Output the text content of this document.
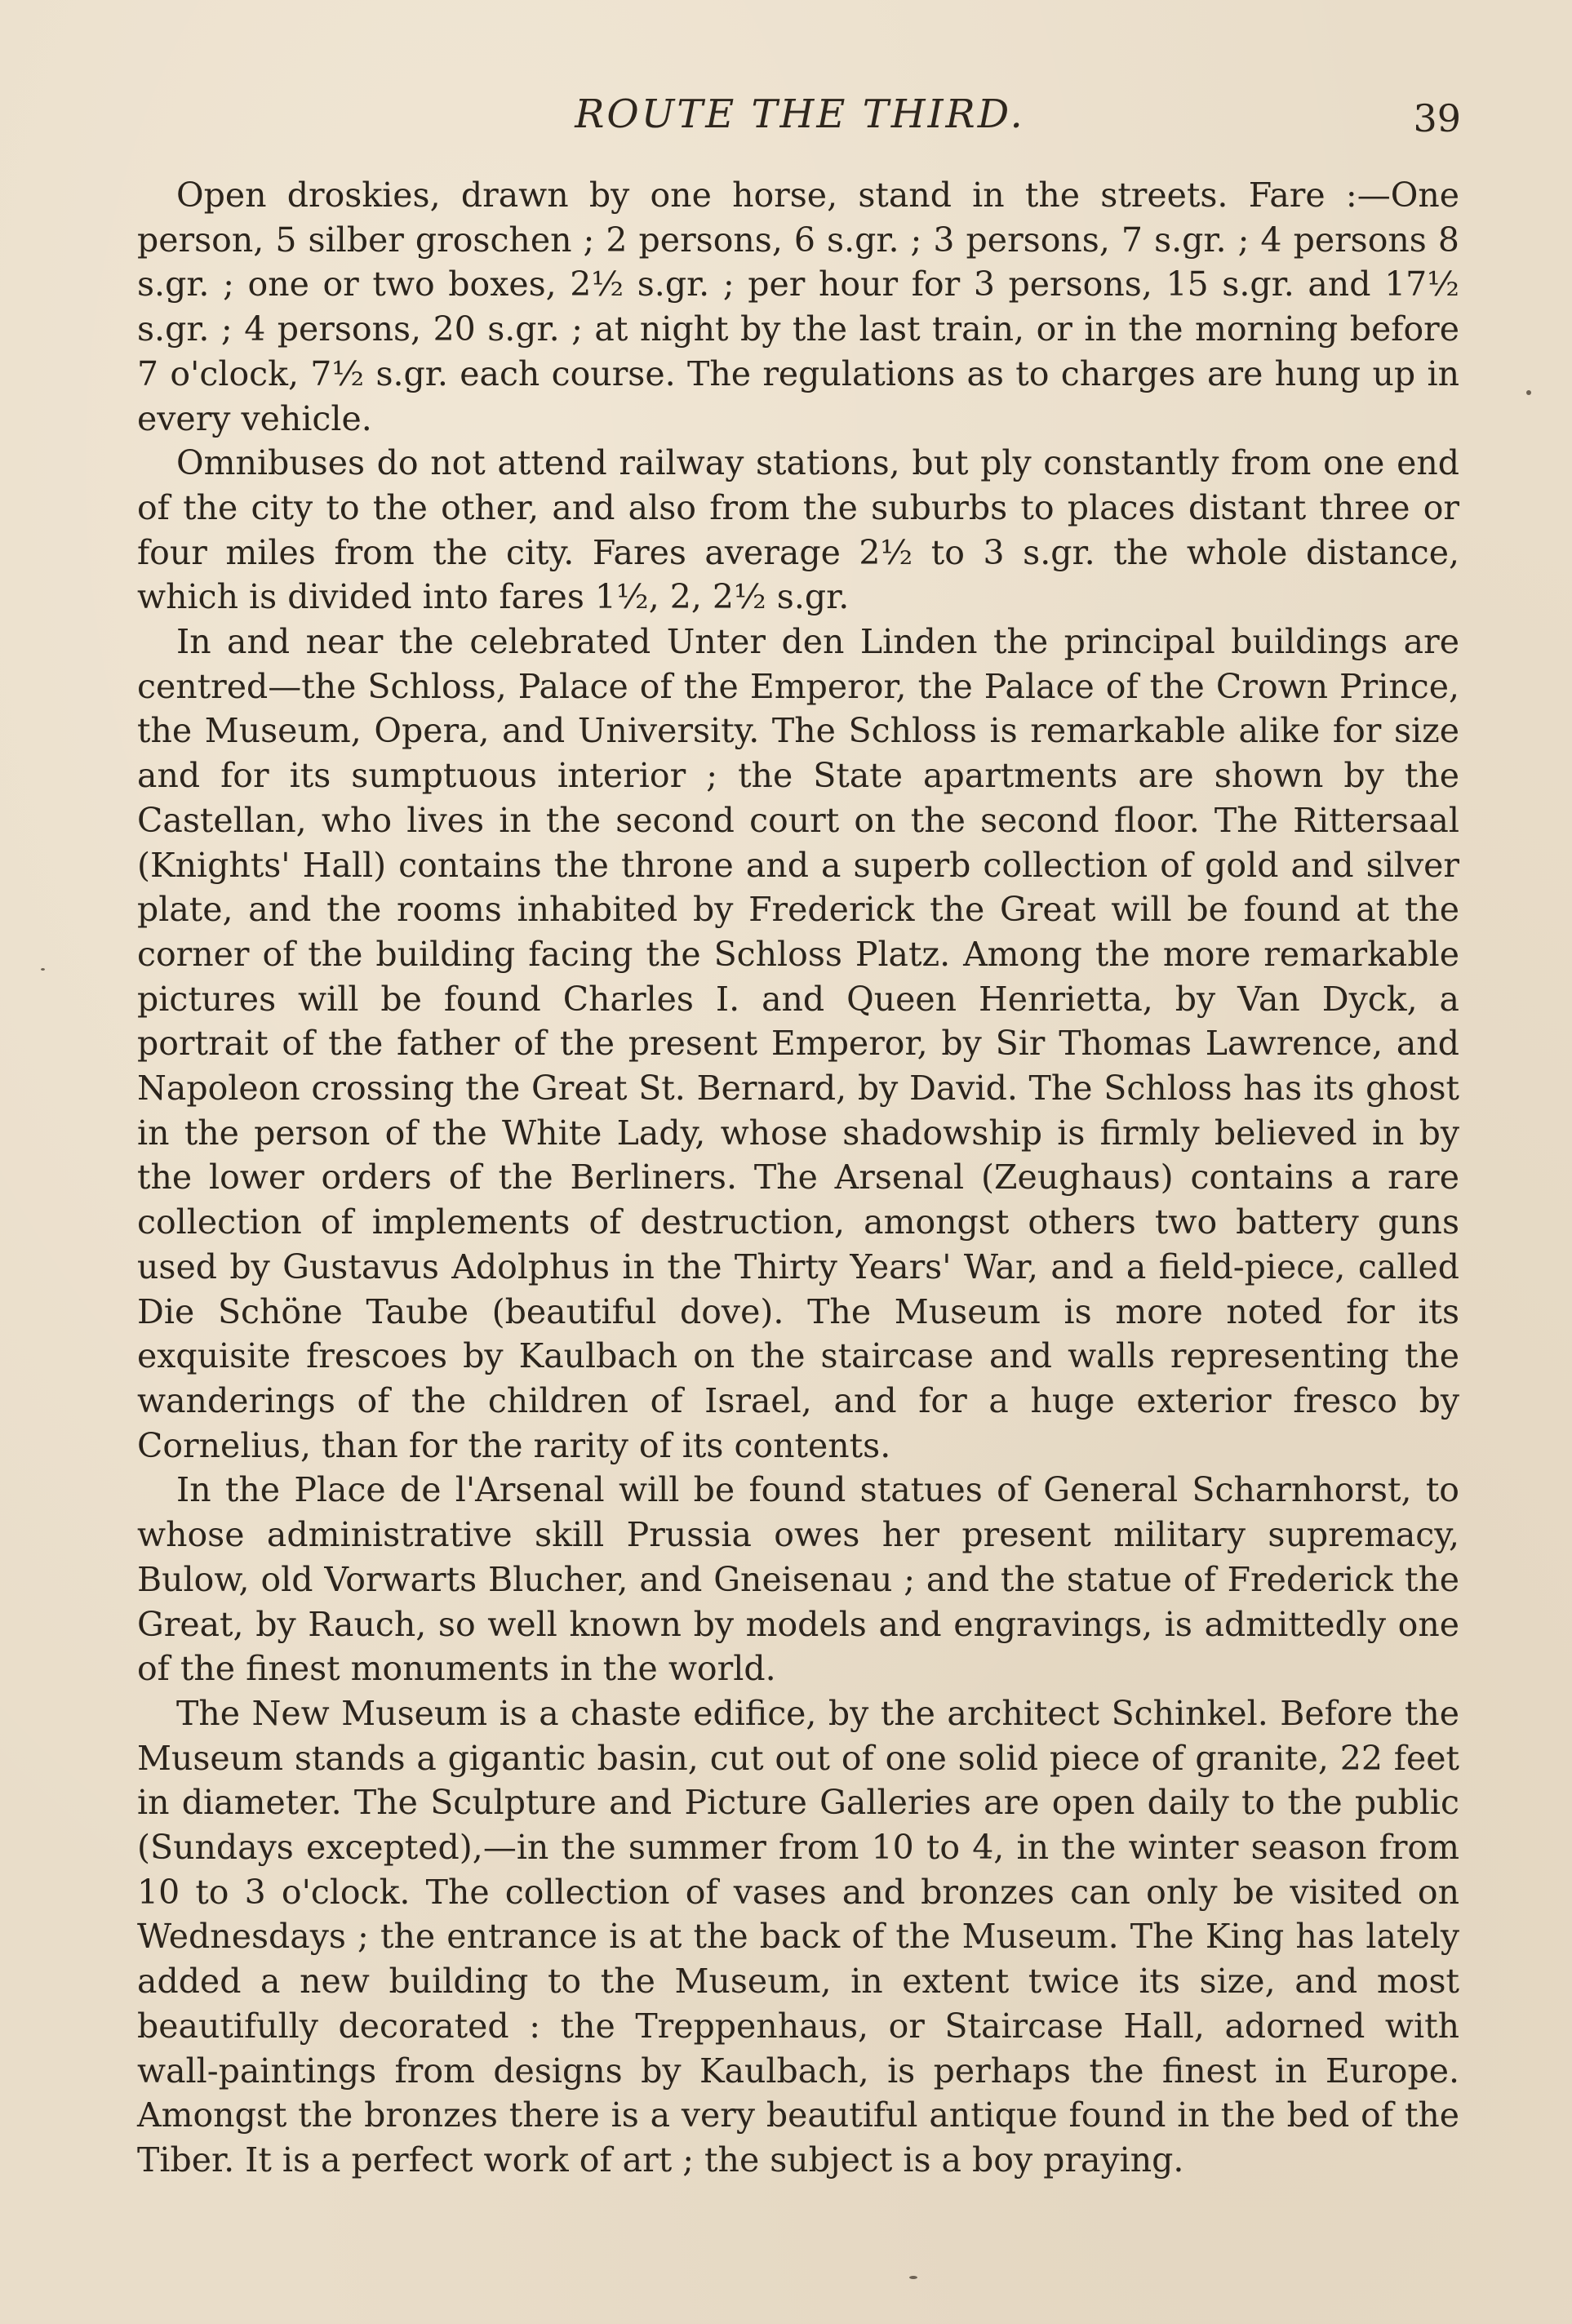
ROUTE THE THIRD.	39

Open droskies, drawn by one horse, stand in the streets. Fare :—One person, 5 silber groschen ; 2 persons, 6 s.gr. ; 3 persons, 7 s.gr. ; 4 persons 8 s.gr. ; one or two boxes, 2½ s.gr. ; per hour for 3 persons, 15 s.gr. and 17½ s.gr. ; 4 persons, 20 s.gr. ; at night by the last train, or in the morning before 7 o'clock, 7½ s.gr. each course. The regulations as to charges are hung up in every vehicle.

Omnibuses do not attend railway stations, but ply constantly from one end of the city to the other, and also from the suburbs to places distant three or four miles from the city. Fares average 2½ to 3 s.gr. the whole distance, which is divided into fares 1½, 2, 2½ s.gr.

In and near the celebrated Unter den Linden the principal buildings are centred—the Schloss, Palace of the Emperor, the Palace of the Crown Prince, the Museum, Opera, and University. The Schloss is remarkable alike for size and for its sumptuous interior ; the State apartments are shown by the Castellan, who lives in the second court on the second floor. The Rittersaal (Knights' Hall) contains the throne and a superb collection of gold and silver plate, and the rooms inhabited by Frederick the Great will be found at the corner of the building facing the Schloss Platz. Among the more remarkable pictures will be found Charles I. and Queen Henrietta, by Van Dyck, a portrait of the father of the present Emperor, by Sir Thomas Lawrence, and Napoleon crossing the Great St. Bernard, by David. The Schloss has its ghost in the person of the White Lady, whose shadowship is firmly believed in by the lower orders of the Berliners. The Arsenal (Zeughaus) contains a rare collection of implements of destruction, amongst others two battery guns used by Gustavus Adolphus in the Thirty Years' War, and a field-piece, called Die Schöne Taube (beautiful dove). The Museum is more noted for its exquisite frescoes by Kaulbach on the staircase and walls representing the wanderings of the children of Israel, and for a huge exterior fresco by Cornelius, than for the rarity of its contents.

In the Place de l'Arsenal will be found statues of General Scharnhorst, to whose administrative skill Prussia owes her present military supremacy, Bulow, old Vorwarts Blucher, and Gneisenau ; and the statue of Frederick the Great, by Rauch, so well known by models and engravings, is admittedly one of the finest monuments in the world.

The New Museum is a chaste edifice, by the architect Schinkel. Before the Museum stands a gigantic basin, cut out of one solid piece of granite, 22 feet in diameter. The Sculpture and Picture Galleries are open daily to the public (Sundays excepted),—in the summer from 10 to 4, in the winter season from 10 to 3 o'clock. The collection of vases and bronzes can only be visited on Wednesdays ; the entrance is at the back of the Museum. The King has lately added a new building to the Museum, in extent twice its size, and most beautifully decorated : the Treppenhaus, or Staircase Hall, adorned with wall-paintings from designs by Kaulbach, is perhaps the finest in Europe. Amongst the bronzes there is a very beautiful antique found in the bed of the Tiber. It is a perfect work of art ; the subject is a boy praying.
